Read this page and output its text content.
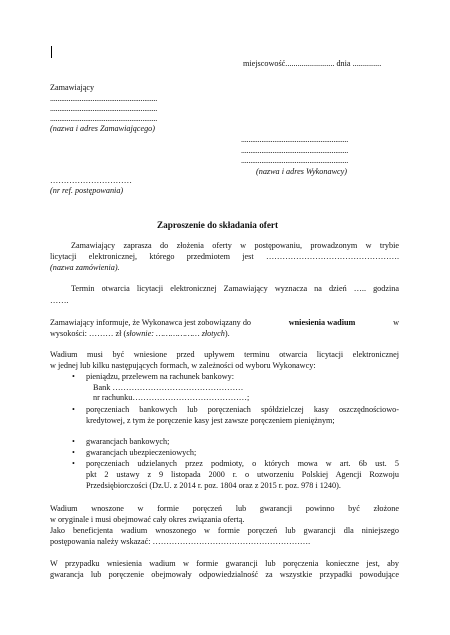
miejscowość........................ dnia ..............
Zamawiający
..........................................................
..........................................................
..........................................................
(nazwa i adres Zamawiającego)
..........................................................
..........................................................
..........................................................
(nazwa i adres Wykonawcy)
…………………………
(nr ref. postępowania)
Zaproszenie do składania ofert
Zamawiający zaprasza do złożenia oferty w postępowaniu, prowadzonym w trybie
licytacji elektronicznej, którego przedmiotem jest ………………………………………….
(nazwa zamówienia).
Termin otwarcia licytacji elektronicznej Zamawiający wyznacza na dzień ….. godzina
…….
Zamawiający informuje, że Wykonawca jest zobowiązany do	wniesienia wadium	w
wysokości: ……… zł (słownie: ……………… złotych).
Wadium musi być wniesione przed upływem terminu otwarcia licytacji elektronicznej
w jednej lub kilku następujących formach, w zależności od wyboru Wykonawcy:
• pieniądzu, przelewem na rachunek bankowy:
Bank …………………………………………
nr rachunku……………………………………;
• poręczeniach bankowych lub poręczeniach spółdzielczej kasy oszczędnościowo-
kredytowej, z tym że poręczenie kasy jest zawsze poręczeniem pieniężnym;
• gwarancjach bankowych;
• gwarancjach ubezpieczeniowych;
• poręczeniach udzielanych przez podmioty, o których mowa w art. 6b ust. 5
pkt 2 ustawy z 9 listopada 2000 r. o utworzeniu Polskiej Agencji Rozwoju
Przedsiębiorczości (Dz.U. z 2014 r. poz. 1804 oraz z 2015 r. poz. 978 i 1240).
Wadium wnoszone w formie poręczeń lub gwarancji powinno być złożone
w oryginale i musi obejmować cały okres związania ofertą.
Jako beneficjenta wadium wnoszonego w formie poręczeń lub gwarancji dla niniejszego
postępowania należy wskazać: ………………………………………………….
W przypadku wniesienia wadium w formie gwarancji lub poręczenia konieczne jest, aby
gwarancja lub poręczenie obejmowały odpowiedzialność za wszystkie przypadki powodujące
